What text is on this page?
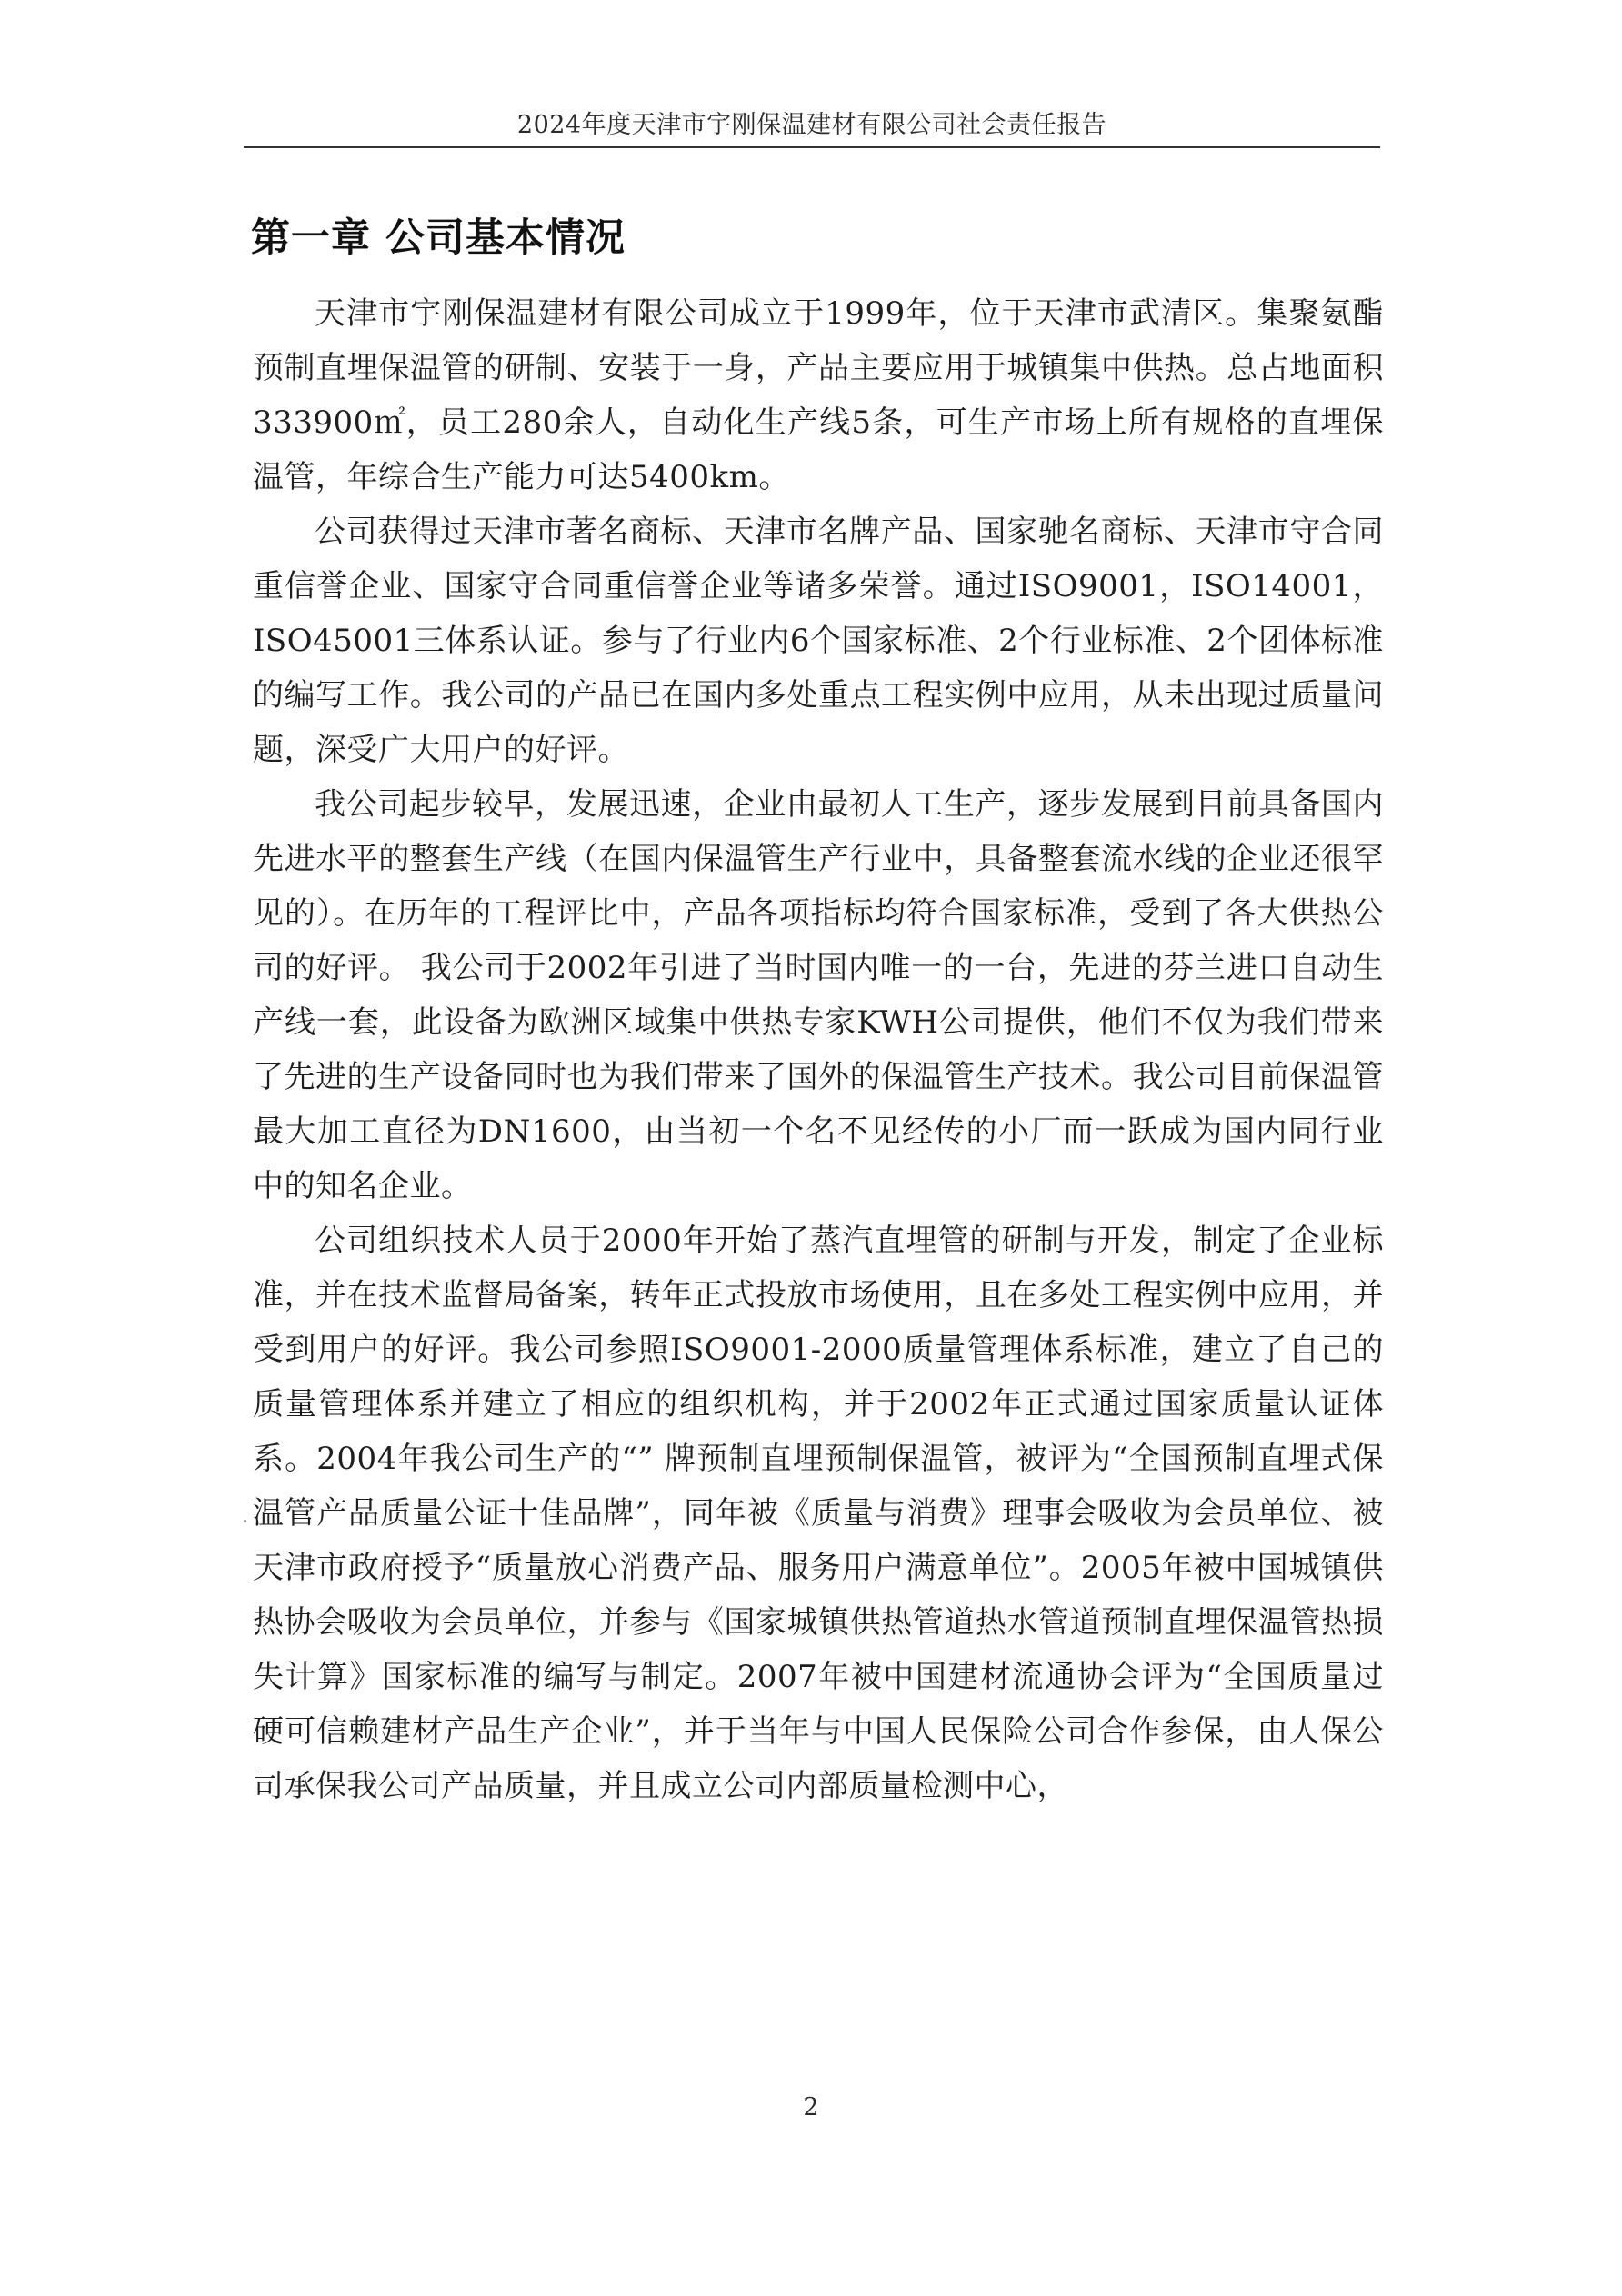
2024年度天津市宇刚保温建材有限公司社会责任报告
第一章 公司基本情况

天津市宇刚保温建材有限公司成立于1999年，位于天津市武清区。集聚氨酯预制直埋保温管的研制、安装于一身，产品主要应用于城镇集中供热。总占地面积333900㎡，员工280余人，自动化生产线5条，可生产市场上所有规格的直埋保温管，年综合生产能力可达5400km。

公司获得过天津市著名商标、天津市名牌产品、国家驰名商标、天津市守合同重信誉企业、国家守合同重信誉企业等诸多荣誉。通过ISO9001，ISO14001，ISO45001三体系认证。参与了行业内6个国家标准、2个行业标准、2个团体标准的编写工作。我公司的产品已在国内多处重点工程实例中应用，从未出现过质量问题，深受广大用户的好评。

我公司起步较早，发展迅速，企业由最初人工生产，逐步发展到目前具备国内先进水平的整套生产线（在国内保温管生产行业中，具备整套流水线的企业还很罕见的）。在历年的工程评比中，产品各项指标均符合国家标准，受到了各大供热公司的好评。 我公司于2002年引进了当时国内唯一的一台，先进的芬兰进口自动生产线一套，此设备为欧洲区域集中供热专家KWH公司提供，他们不仅为我们带来了先进的生产设备同时也为我们带来了国外的保温管生产技术。我公司目前保温管最大加工直径为DN1600，由当初一个名不见经传的小厂而一跃成为国内同行业中的知名企业。

公司组织技术人员于2000年开始了蒸汽直埋管的研制与开发，制定了企业标准，并在技术监督局备案，转年正式投放市场使用，且在多处工程实例中应用，并受到用户的好评。我公司参照ISO9001-2000质量管理体系标准，建立了自己的质量管理体系并建立了相应的组织机构，并于2002年正式通过国家质量认证体系。2004年我公司生产的“” 牌预制直埋预制保温管，被评为“全国预制直埋式保温管产品质量公证十佳品牌”，同年被《质量与消费》理事会吸收为会员单位、被天津市政府授予“质量放心消费产品、服务用户满意单位”。2005年被中国城镇供热协会吸收为会员单位，并参与《国家城镇供热管道热水管道预制直埋保温管热损失计算》国家标准的编写与制定。2007年被中国建材流通协会评为“全国质量过硬可信赖建材产品生产企业”，并于当年与中国人民保险公司合作参保，由人保公司承保我公司产品质量，并且成立公司内部质量检测中心，

2
